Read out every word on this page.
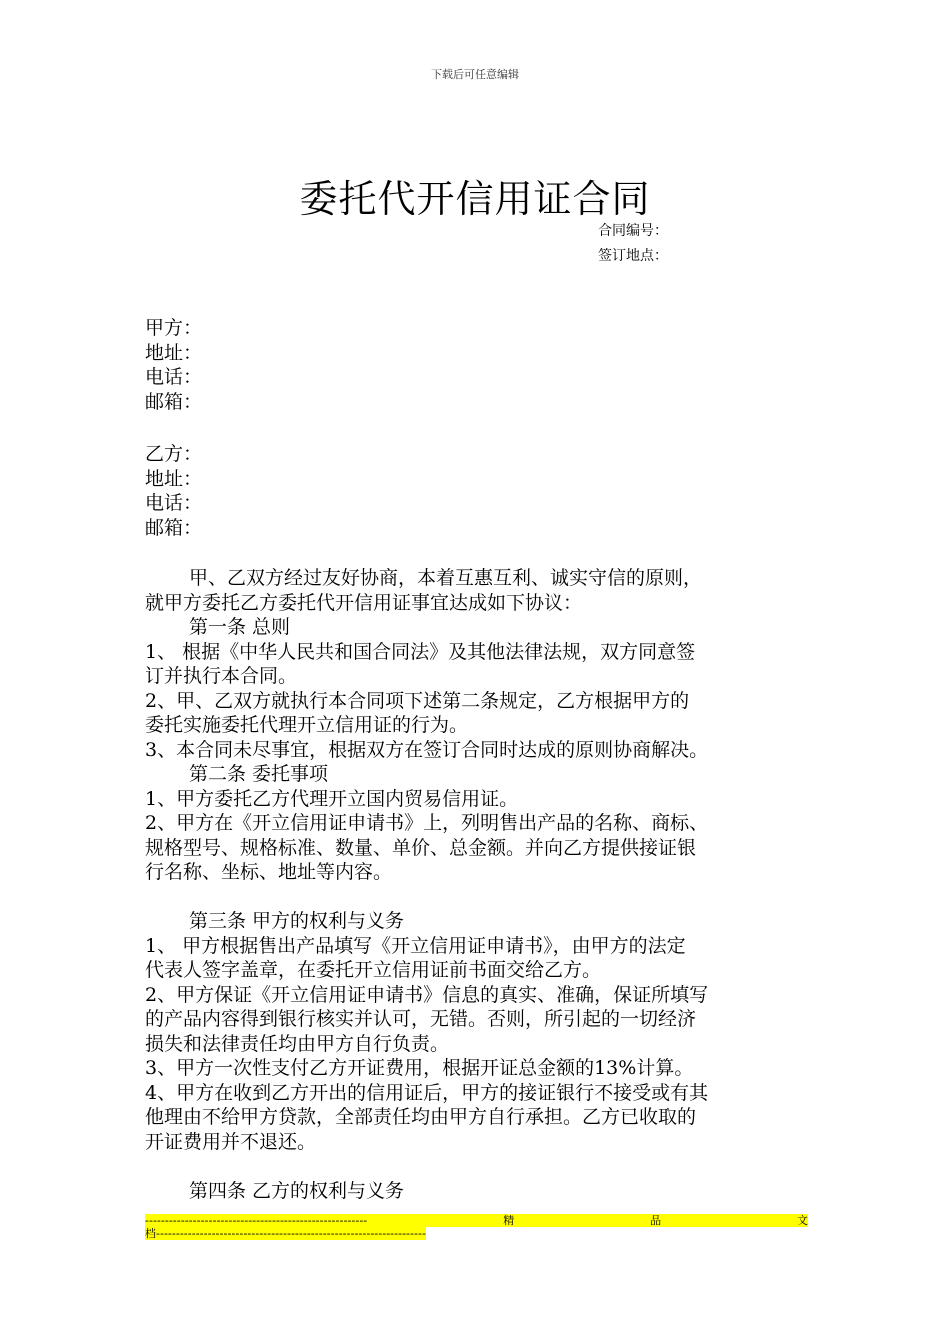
下载后可任意编辑
委托代开信用证合同
合同编号：
签订地点：
甲方：
地址：
电话：
邮箱：
乙方：
地址：
电话：
邮箱：
甲、乙双方经过友好协商，本着互惠互利、诚实守信的原则，
就甲方委托乙方委托代开信用证事宜达成如下协议：
第一条 总则
1、 根据《中华人民共和国合同法》及其他法律法规，双方同意签
订并执行本合同。
2、甲、乙双方就执行本合同项下述第二条规定，乙方根据甲方的
委托实施委托代理开立信用证的行为。
3、本合同未尽事宜，根据双方在签订合同时达成的原则协商解决。
第二条 委托事项
1、甲方委托乙方代理开立国内贸易信用证。
2、甲方在《开立信用证申请书》上，列明售出产品的名称、商标、
规格型号、规格标准、数量、单价、总金额。并向乙方提供接证银
行名称、坐标、地址等内容。
第三条 甲方的权利与义务
1、 甲方根据售出产品填写《开立信用证申请书》，由甲方的法定
代表人签字盖章，在委托开立信用证前书面交给乙方。
2、甲方保证《开立信用证申请书》信息的真实、准确，保证所填写
的产品内容得到银行核实并认可，无错。否则，所引起的一切经济
损失和法律责任均由甲方自行负责。
3、甲方一次性支付乙方开证费用，根据开证总金额的13%计算。
4、甲方在收到乙方开出的信用证后，甲方的接证银行不接受或有其
他理由不给甲方贷款，全部责任均由甲方自行承担。乙方已收取的
开证费用并不退还。
第四条 乙方的权利与义务
--------------------------------------------------------	精	品	文
档--------------------------------------------------------------------
